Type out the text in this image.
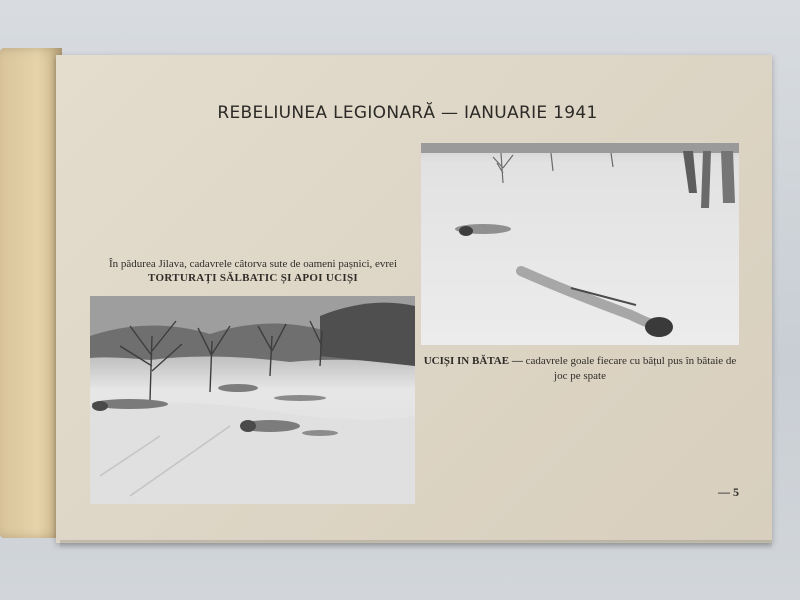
REBELIUNEA LEGIONARĂ — IANUARIE 1941
În pădurea Jilava, cadavrele câtorva sute de oameni pașnici, evrei
TORTURAȚI SĂLBATIC ȘI APOI UCIȘI
UCIȘI IN BĂTAE — cadavrele goale fiecare cu bățul pus în bătaie de joc pe spate
— 5
